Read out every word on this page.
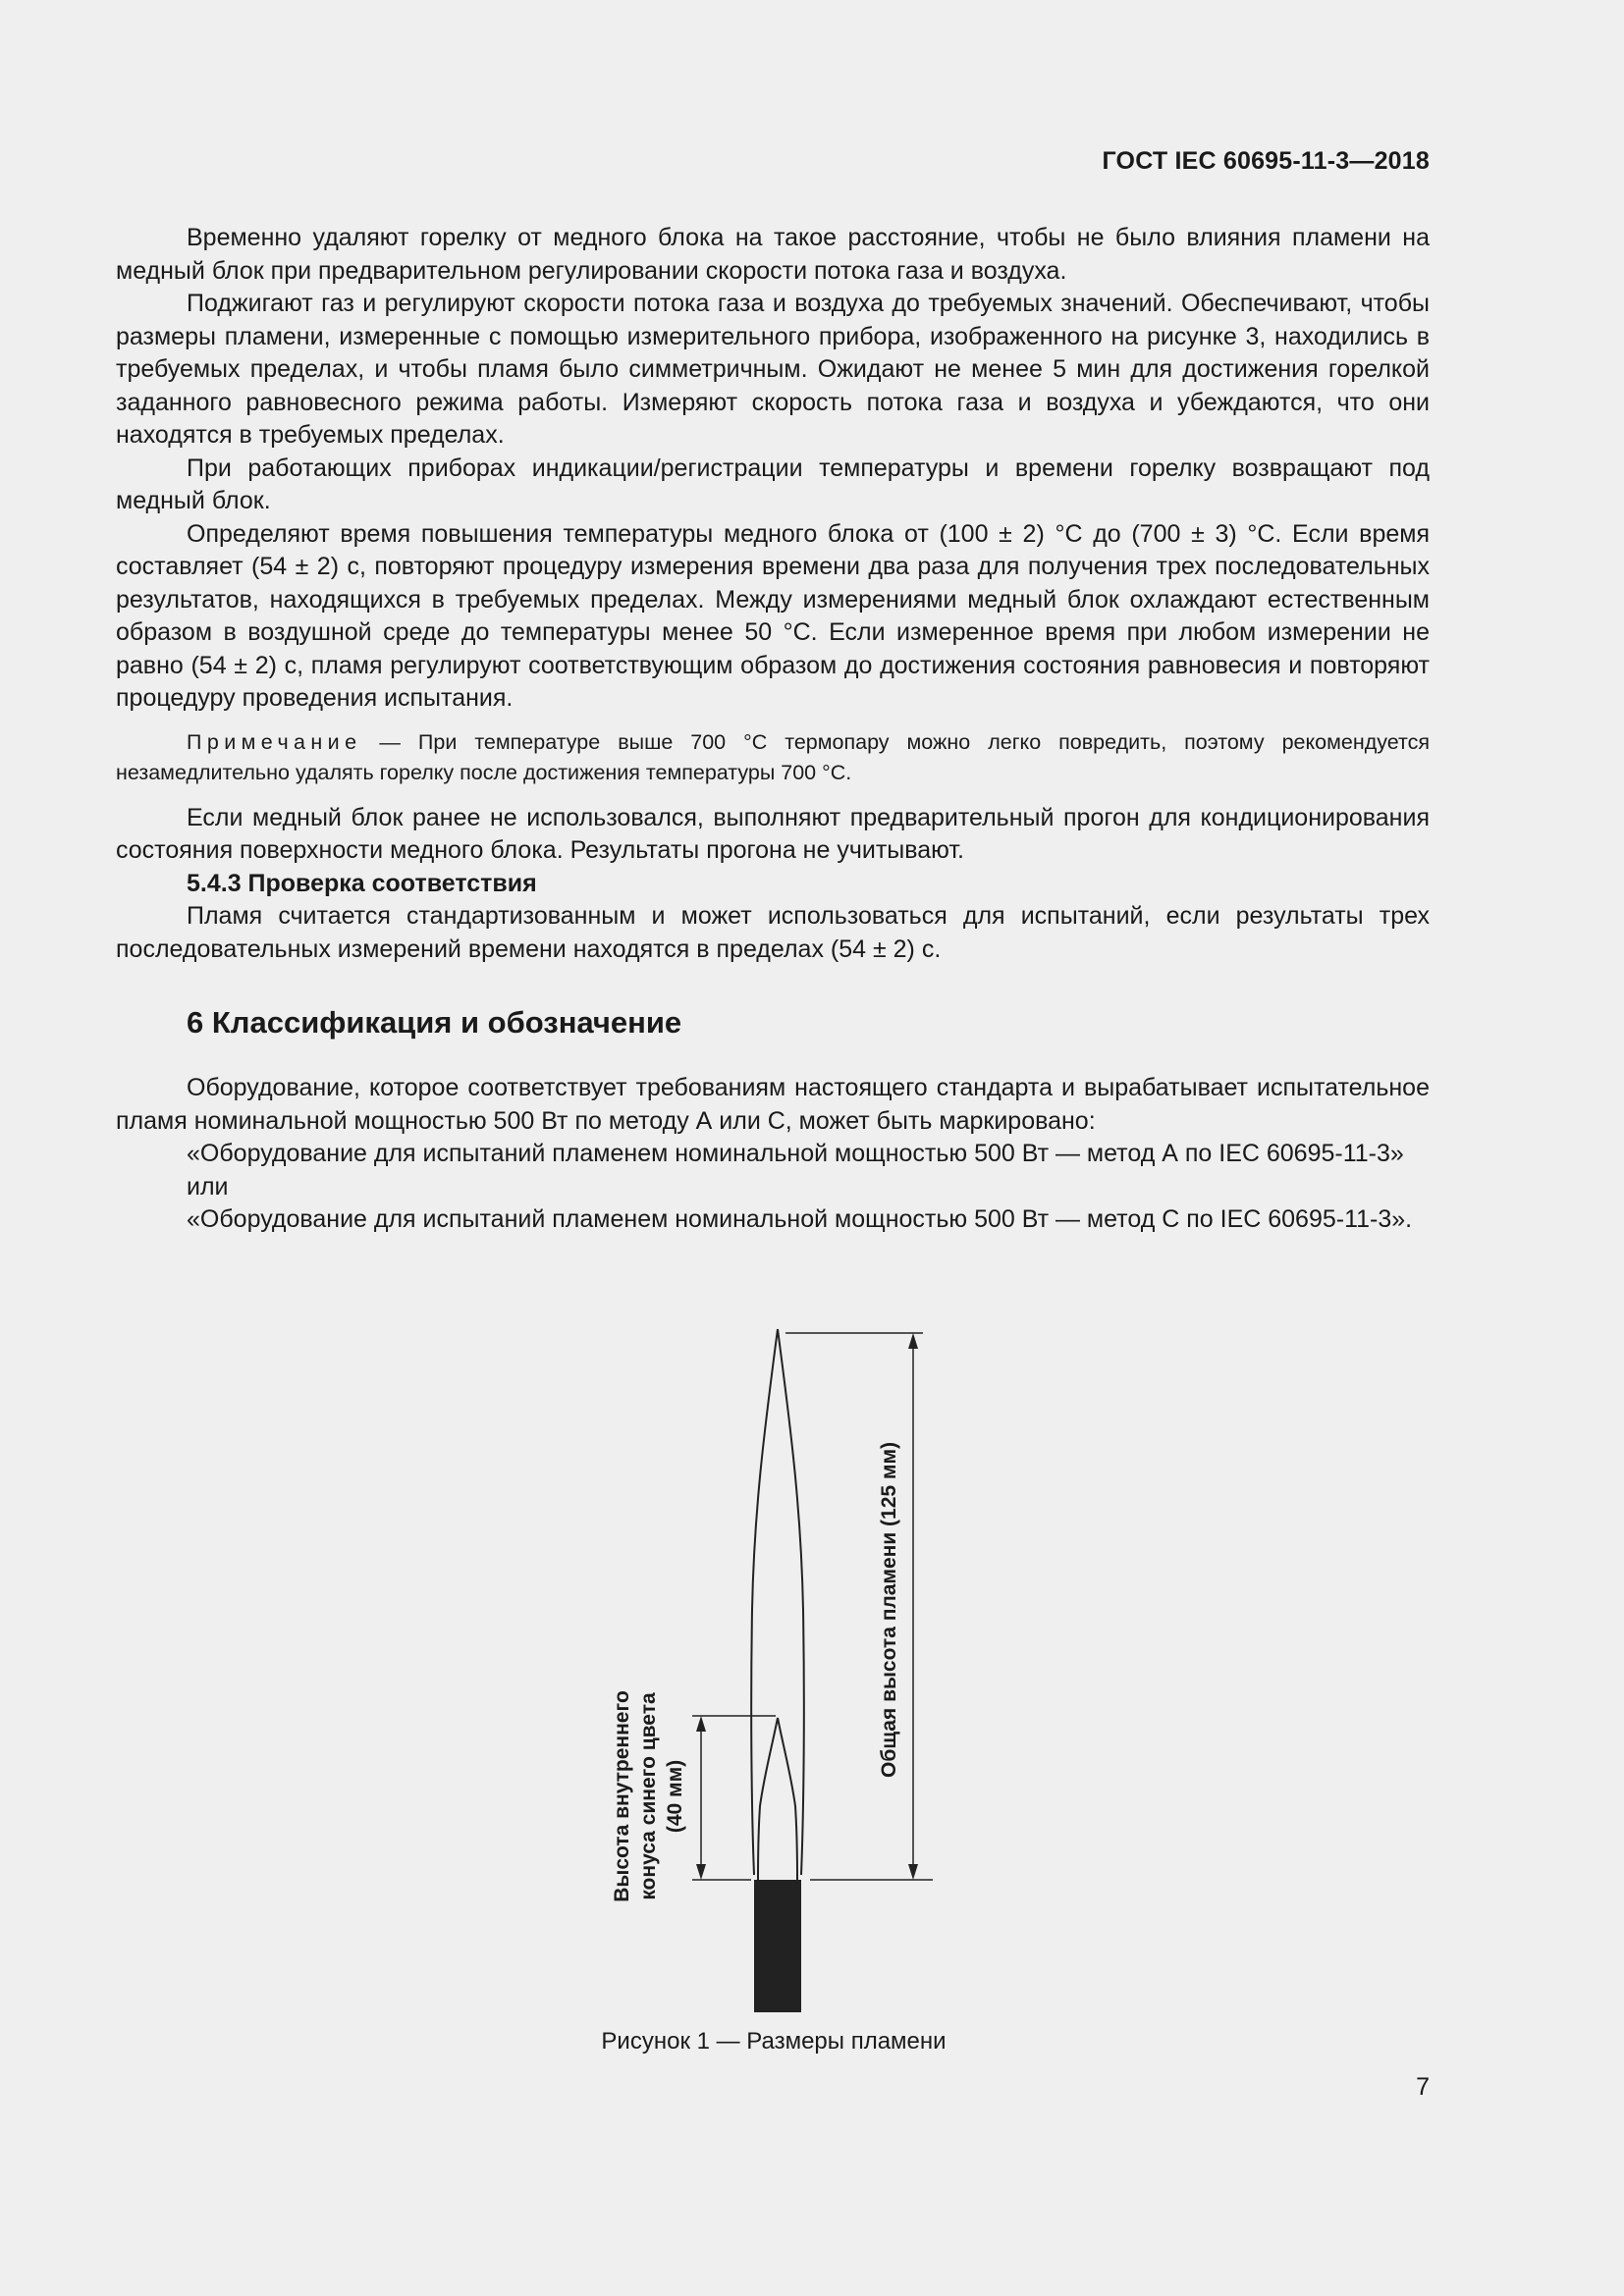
ГОСТ IEC 60695-11-3—2018

Временно удаляют горелку от медного блока на такое расстояние, чтобы не было влияния пламени на медный блок при предварительном регулировании скорости потока газа и воздуха.

Поджигают газ и регулируют скорости потока газа и воздуха до требуемых значений. Обеспечивают, чтобы размеры пламени, измеренные с помощью измерительного прибора, изображенного на рисунке 3, находились в требуемых пределах, и чтобы пламя было симметричным. Ожидают не менее 5 мин для достижения горелкой заданного равновесного режима работы. Измеряют скорость потока газа и воздуха и убеждаются, что они находятся в требуемых пределах.

При работающих приборах индикации/регистрации температуры и времени горелку возвращают под медный блок.

Определяют время повышения температуры медного блока от (100 ± 2) °С до (700 ± 3) °С. Если время составляет (54 ± 2) с, повторяют процедуру измерения времени два раза для получения трех последовательных результатов, находящихся в требуемых пределах. Между измерениями медный блок охлаждают естественным образом в воздушной среде до температуры менее 50 °С. Если измеренное время при любом измерении не равно (54 ± 2) с, пламя регулируют соответствующим образом до достижения состояния равновесия и повторяют процедуру проведения испытания.

Примечание — При температуре выше 700 °С термопару можно легко повредить, поэтому рекомендуется незамедлительно удалять горелку после достижения температуры 700 °С.

Если медный блок ранее не использовался, выполняют предварительный прогон для кондиционирования состояния поверхности медного блока. Результаты прогона не учитывают.

5.4.3 Проверка соответствия

Пламя считается стандартизованным и может использоваться для испытаний, если результаты трех последовательных измерений времени находятся в пределах (54 ± 2) с.

6 Классификация и обозначение

Оборудование, которое соответствует требованиям настоящего стандарта и вырабатывает испытательное пламя номинальной мощностью 500 Вт по методу А или С, может быть маркировано:

«Оборудование для испытаний пламенем номинальной мощностью 500 Вт — метод А по IEC 60695-11-3»

или

«Оборудование для испытаний пламенем номинальной мощностью 500 Вт — метод С по IEC 60695-11-3».

Общая высота пламени (125 мм)
Высота внутреннего конуса синего цвета (40 мм)
Рисунок 1 — Размеры пламени
7
